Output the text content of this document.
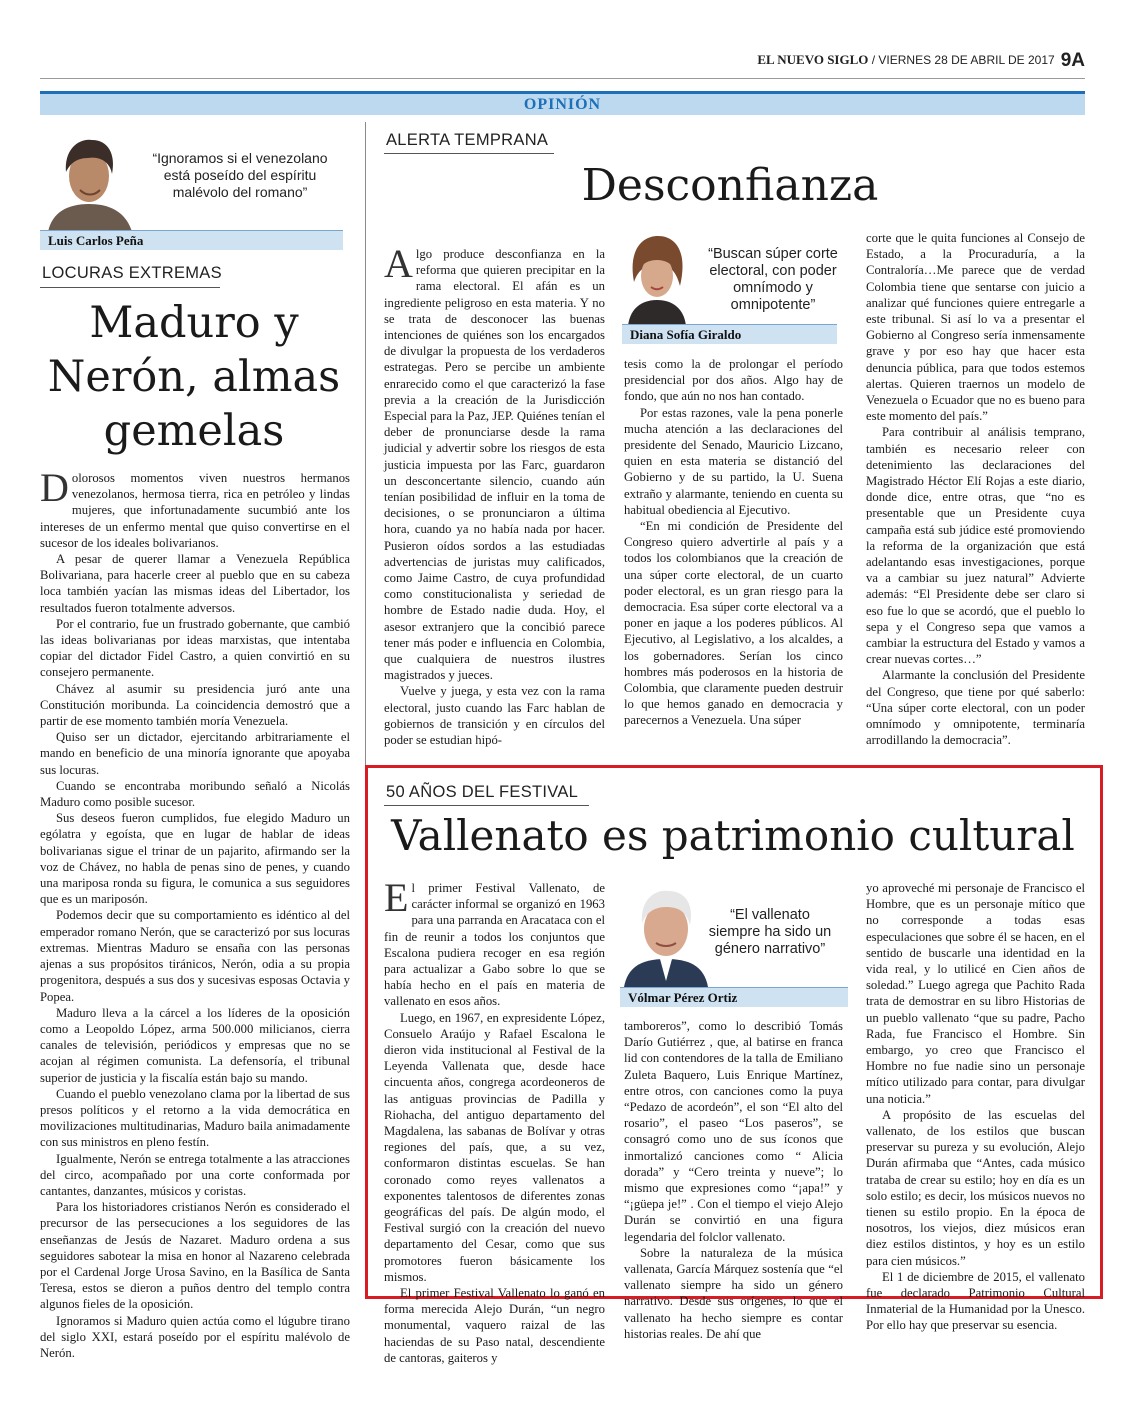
EL NUEVO SIGLO / VIERNES 28 DE ABRIL DE 2017 9A
OPINIÓN
“Ignoramos si el venezolano está poseído del espíritu malévolo del romano”
Luis Carlos Peña
LOCURAS EXTREMAS
Maduro y Nerón, almas gemelas

Dolorosos momentos viven nuestros hermanos venezolanos, hermosa tierra, rica en petróleo y lindas mujeres, que infortunadamente sucumbió ante los intereses de un enfermo mental que quiso convertirse en el sucesor de los ideales bolivarianos.

A pesar de querer llamar a Venezuela República Bolivariana, para hacerle creer al pueblo que en su cabeza loca también yacían las mismas ideas del Libertador, los resultados fueron totalmente adversos.

Por el contrario, fue un frustrado gobernante, que cambió las ideas bolivarianas por ideas marxistas, que intentaba copiar del dictador Fidel Castro, a quien convirtió en su consejero permanente.

Chávez al asumir su presidencia juró ante una Constitución moribunda. La coincidencia demostró que a partir de ese momento también moría Venezuela.

Quiso ser un dictador, ejercitando arbitrariamente el mando en beneficio de una minoría ignorante que apoyaba sus locuras.

Cuando se encontraba moribundo señaló a Nicolás Maduro como posible sucesor.

Sus deseos fueron cumplidos, fue elegido Maduro un ególatra y egoísta, que en lugar de hablar de ideas bolivarianas sigue el trinar de un pajarito, afirmando ser la voz de Chávez, no habla de penas sino de penes, y cuando una mariposa ronda su figura, le comunica a sus seguidores que es un mariposón.

Podemos decir que su comportamiento es idéntico al del emperador romano Nerón, que se caracterizó por sus locuras extremas. Mientras Maduro se ensaña con las personas ajenas a sus propósitos tiránicos, Nerón, odia a su propia progenitora, después a sus dos y sucesivas esposas Octavia y Popea.

Maduro lleva a la cárcel a los líderes de la oposición como a Leopoldo López, arma 500.000 milicianos, cierra canales de televisión, periódicos y empresas que no se acojan al régimen comunista. La defensoría, el tribunal superior de justicia y la fiscalía están bajo su mando.

Cuando el pueblo venezolano clama por la libertad de sus presos políticos y el retorno a la vida democrática en movilizaciones multitudinarias, Maduro baila animadamente con sus ministros en pleno festín.

Igualmente, Nerón se entrega totalmente a las atracciones del circo, acompañado por una corte conformada por cantantes, danzantes, músicos y coristas.

Para los historiadores cristianos Nerón es considerado el precursor de las persecuciones a los seguidores de las enseñanzas de Jesús de Nazaret. Maduro ordena a sus seguidores sabotear la misa en honor al Nazareno celebrada por el Cardenal Jorge Urosa Savino, en la Basílica de Santa Teresa, estos se dieron a puños dentro del templo contra algunos fieles de la oposición.

Ignoramos si Maduro quien actúa como el lúgubre tirano del siglo XXI, estará poseído por el espíritu malévolo de Nerón.

ALERTA TEMPRANA
Desconfianza

Algo produce desconfianza en la reforma que quieren precipitar en la rama electoral. El afán es un ingrediente peligroso en esta materia. Y no se trata de desconocer las buenas intenciones de quiénes son los encargados de divulgar la propuesta de los verdaderos estrategas. Pero se percibe un ambiente enrarecido como el que caracterizó la fase previa a la creación de la Jurisdicción Especial para la Paz, JEP. Quiénes tenían el deber de pronunciarse desde la rama judicial y advertir sobre los riesgos de esta justicia impuesta por las Farc, guardaron un desconcertante silencio, cuando aún tenían posibilidad de influir en la toma de decisiones, o se pronunciaron a última hora, cuando ya no había nada por hacer. Pusieron oídos sordos a las estudiadas advertencias de juristas muy calificados, como Jaime Castro, de cuya profundidad como constitucionalista y seriedad de hombre de Estado nadie duda. Hoy, el asesor extranjero que la concibió parece tener más poder e influencia en Colombia, que cualquiera de nuestros ilustres magistrados y jueces.

Vuelve y juega, y esta vez con la rama electoral, justo cuando las Farc hablan de gobiernos de transición y en círculos del poder se estudian hipó-

“Buscan súper corte electoral, con poder omnímodo y omnipotente”
Diana Sofía Giraldo

tesis como la de prolongar el período presidencial por dos años. Algo hay de fondo, que aún no nos han contado.

Por estas razones, vale la pena ponerle mucha atención a las declaraciones del presidente del Senado, Mauricio Lizcano, quien en esta materia se distanció del Gobierno y de su partido, la U. Suena extraño y alarmante, teniendo en cuenta su habitual obediencia al Ejecutivo.

“En mi condición de Presidente del Congreso quiero advertirle al país y a todos los colombianos que la creación de una súper corte electoral, de un cuarto poder electoral, es un gran riesgo para la democracia. Esa súper corte electoral va a poner en jaque a los poderes públicos. Al Ejecutivo, al Legislativo, a los alcaldes, a los gobernadores. Serían los cinco hombres más poderosos en la historia de Colombia, que claramente pueden destruir lo que hemos ganado en democracia y parecernos a Venezuela. Una súper

corte que le quita funciones al Consejo de Estado, a la Procuraduría, a la Contraloría…Me parece que de verdad Colombia tiene que sentarse con juicio a analizar qué funciones quiere entregarle a este tribunal. Si así lo va a presentar el Gobierno al Congreso sería inmensamente grave y por eso hay que hacer esta denuncia pública, para que todos estemos alertas. Quieren traernos un modelo de Venezuela o Ecuador que no es bueno para este momento del país.”

Para contribuir al análisis temprano, también es necesario releer con detenimiento las declaraciones del Magistrado Héctor Elí Rojas a este diario, donde dice, entre otras, que “no es presentable que un Presidente cuya campaña está sub júdice esté promoviendo la reforma de la organización que está adelantando esas investigaciones, porque va a cambiar su juez natural” Advierte además: “El Presidente debe ser claro si eso fue lo que se acordó, que el pueblo lo sepa y el Congreso sepa que vamos a cambiar la estructura del Estado y vamos a crear nuevas cortes…”

Alarmante la conclusión del Presidente del Congreso, que tiene por qué saberlo: “Una súper corte electoral, con un poder omnímodo y omnipotente, terminaría arrodillando la democracia”.

50 AÑOS DEL FESTIVAL
Vallenato es patrimonio cultural

El primer Festival Vallenato, de carácter informal se organizó en 1963 para una parranda en Aracataca con el fin de reunir a todos los conjuntos que Escalona pudiera recoger en esa región para actualizar a Gabo sobre lo que se había hecho en el país en materia de vallenato en esos años.

Luego, en 1967, en expresidente López, Consuelo Araújo y Rafael Escalona le dieron vida institucional al Festival de la Leyenda Vallenata que, desde hace cincuenta años, congrega acordeoneros de las antiguas provincias de Padilla y Riohacha, del antiguo departamento del Magdalena, las sabanas de Bolívar y otras regiones del país, que, a su vez, conformaron distintas escuelas. Se han coronado como reyes vallenatos a exponentes talentosos de diferentes zonas geográficas del país. De algún modo, el Festival surgió con la creación del nuevo departamento del Cesar, como que sus promotores fueron básicamente los mismos.

El primer Festival Vallenato lo ganó en forma merecida Alejo Durán, “un negro monumental, vaquero raizal de las haciendas de su Paso natal, descendiente de cantoras, gaiteros y

“El vallenato siempre ha sido un género narrativo”
Vólmar Pérez Ortiz

tamboreros”, como lo describió Tomás Darío Gutiérrez , que, al batirse en franca lid con contendores de la talla de Emiliano Zuleta Baquero, Luis Enrique Martínez, entre otros, con canciones como la puya “Pedazo de acordeón”, el son “El alto del rosario”, el paseo “Los paseros”, se consagró como uno de sus íconos que inmortalizó canciones como “ Alicia dorada” y “Cero treinta y nueve”; lo mismo que expresiones como “¡apa!” y “¡güepa je!” . Con el tiempo el viejo Alejo Durán se convirtió en una figura legendaria del folclor vallenato.

Sobre la naturaleza de la música vallenata, García Márquez sostenía que “el vallenato siempre ha sido un género narrativo. Desde sus orígenes, lo que el vallenato ha hecho siempre es contar historias reales. De ahí que

yo aproveché mi personaje de Francisco el Hombre, que es un personaje mítico que no corresponde a todas esas especulaciones que sobre él se hacen, en el sentido de buscarle una identidad en la vida real, y lo utilicé en Cien años de soledad.” Luego agrega que Pachito Rada trata de demostrar en su libro Historias de un pueblo vallenato “que su padre, Pacho Rada, fue Francisco el Hombre. Sin embargo, yo creo que Francisco el Hombre no fue nadie sino un personaje mítico utilizado para contar, para divulgar una noticia.”

A propósito de las escuelas del vallenato, de los estilos que buscan preservar su pureza y su evolución, Alejo Durán afirmaba que “Antes, cada músico trataba de crear su estilo; hoy en día es un solo estilo; es decir, los músicos nuevos no tienen su estilo propio. En la época de nosotros, los viejos, diez músicos eran diez estilos distintos, y hoy es un estilo para cien músicos.”

El 1 de diciembre de 2015, el vallenato fue declarado Patrimonio Cultural Inmaterial de la Humanidad por la Unesco. Por ello hay que preservar su esencia.
